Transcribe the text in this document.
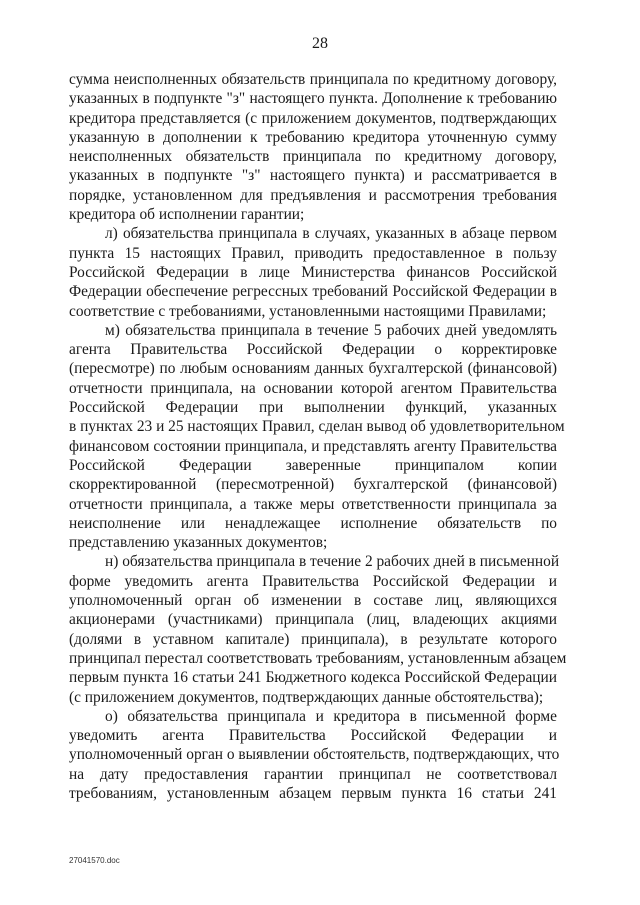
28
сумма неисполненных обязательств принципала по кредитному договору,
указанных в подпункте "з" настоящего пункта. Дополнение к требованию
кредитора представляется (с приложением документов, подтверждающих
указанную в дополнении к требованию кредитора уточненную сумму
неисполненных обязательств принципала по кредитному договору,
указанных в подпункте "з" настоящего пункта) и рассматривается в
порядке, установленном для предъявления и рассмотрения требования
кредитора об исполнении гарантии;
л) обязательства принципала в случаях, указанных в абзаце первом
пункта 15 настоящих Правил, приводить предоставленное в пользу
Российской Федерации в лице Министерства финансов Российской
Федерации обеспечение регрессных требований Российской Федерации в
соответствие с требованиями, установленными настоящими Правилами;
м) обязательства принципала в течение 5 рабочих дней уведомлять
агента Правительства Российской Федерации о корректировке
(пересмотре) по любым основаниям данных бухгалтерской (финансовой)
отчетности принципала, на основании которой агентом Правительства
Российской Федерации при выполнении функций, указанных
в пунктах 23 и 25 настоящих Правил, сделан вывод об удовлетворительном
финансовом состоянии принципала, и представлять агенту Правительства
Российской Федерации заверенные принципалом копии
скорректированной (пересмотренной) бухгалтерской (финансовой)
отчетности принципала, а также меры ответственности принципала за
неисполнение или ненадлежащее исполнение обязательств по
представлению указанных документов;
н) обязательства принципала в течение 2 рабочих дней в письменной
форме уведомить агента Правительства Российской Федерации и
уполномоченный орган об изменении в составе лиц, являющихся
акционерами (участниками) принципала (лиц, владеющих акциями
(долями в уставном капитале) принципала), в результате которого
принципал перестал соответствовать требованиям, установленным абзацем
первым пункта 16 статьи 241 Бюджетного кодекса Российской Федерации
(с приложением документов, подтверждающих данные обстоятельства);
о) обязательства принципала и кредитора в письменной форме
уведомить агента Правительства Российской Федерации и
уполномоченный орган о выявлении обстоятельств, подтверждающих, что
на дату предоставления гарантии принципал не соответствовал
требованиям, установленным абзацем первым пункта 16 статьи 241
27041570.doc
